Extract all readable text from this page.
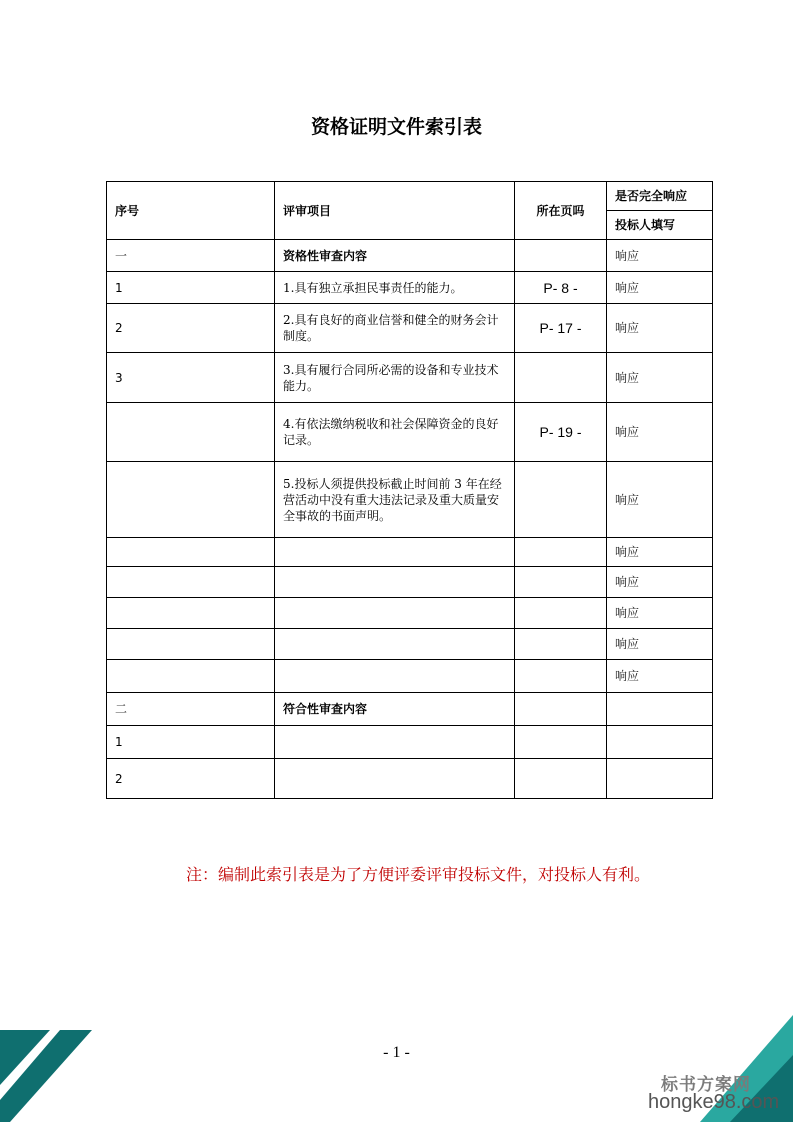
资格证明文件索引表
序号	评审项目	所在页吗	是否完全响应
			投标人填写
一	资格性审查内容		响应
1	1.具有独立承担民事责任的能力。	P- 8 -	响应
2	2.具有良好的商业信誉和健全的财务会计制度。	P- 17 -	响应
3	3.具有履行合同所必需的设备和专业技术能力。		响应
	4.有依法缴纳税收和社会保障资金的良好记录。	P- 19 -	响应
	5.投标人须提供投标截止时间前 3 年在经营活动中没有重大违法记录及重大质量安全事故的书面声明。		响应
			响应
			响应
			响应
			响应
			响应
二	符合性审查内容		
1			
2			
注：编制此索引表是为了方便评委评审投标文件，对投标人有利。
- 1 -
标书方案网
hongke98.com
